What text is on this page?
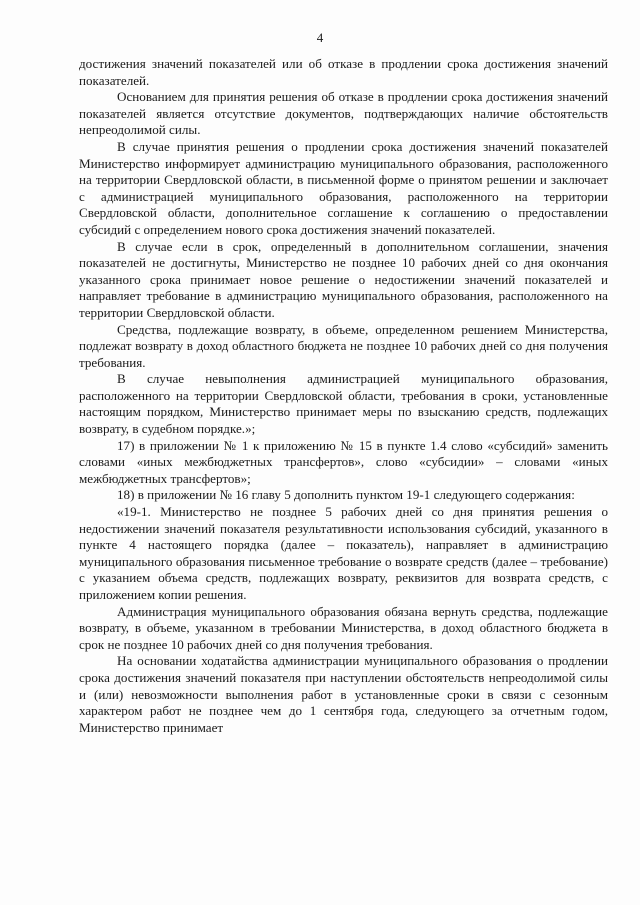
4

достижения значений показателей или об отказе в продлении срока достижения значений показателей.

Основанием для принятия решения об отказе в продлении срока достижения значений показателей является отсутствие документов, подтверждающих наличие обстоятельств непреодолимой силы.

В случае принятия решения о продлении срока достижения значений показателей Министерство информирует администрацию муниципального образования, расположенного на территории Свердловской области, в письменной форме о принятом решении и заключает с администрацией муниципального образования, расположенного на территории Свердловской области, дополнительное соглашение к соглашению о предоставлении субсидий с определением нового срока достижения значений показателей.

В случае если в срок, определенный в дополнительном соглашении, значения показателей не достигнуты, Министерство не позднее 10 рабочих дней со дня окончания указанного срока принимает новое решение о недостижении значений показателей и направляет требование в администрацию муниципального образования, расположенного на территории Свердловской области.

Средства, подлежащие возврату, в объеме, определенном решением Министерства, подлежат возврату в доход областного бюджета не позднее 10 рабочих дней со дня получения требования.

В случае невыполнения администрацией муниципального образования, расположенного на территории Свердловской области, требования в сроки, установленные настоящим порядком, Министерство принимает меры по взысканию средств, подлежащих возврату, в судебном порядке.»;

17) в приложении № 1 к приложению № 15 в пункте 1.4 слово «субсидий» заменить словами «иных межбюджетных трансфертов», слово «субсидии» – словами «иных межбюджетных трансфертов»;

18) в приложении № 16 главу 5 дополнить пунктом 19-1 следующего содержания:

«19-1. Министерство не позднее 5 рабочих дней со дня принятия решения о недостижении значений показателя результативности использования субсидий, указанного в пункте 4 настоящего порядка (далее – показатель), направляет в администрацию муниципального образования письменное требование о возврате средств (далее – требование) с указанием объема средств, подлежащих возврату, реквизитов для возврата средств, с приложением копии решения.

Администрация муниципального образования обязана вернуть средства, подлежащие возврату, в объеме, указанном в требовании Министерства, в доход областного бюджета в срок не позднее 10 рабочих дней со дня получения требования.

На основании ходатайства администрации муниципального образования о продлении срока достижения значений показателя при наступлении обстоятельств непреодолимой силы и (или) невозможности выполнения работ в установленные сроки в связи с сезонным характером работ не позднее чем до 1 сентября года, следующего за отчетным годом, Министерство принимает
